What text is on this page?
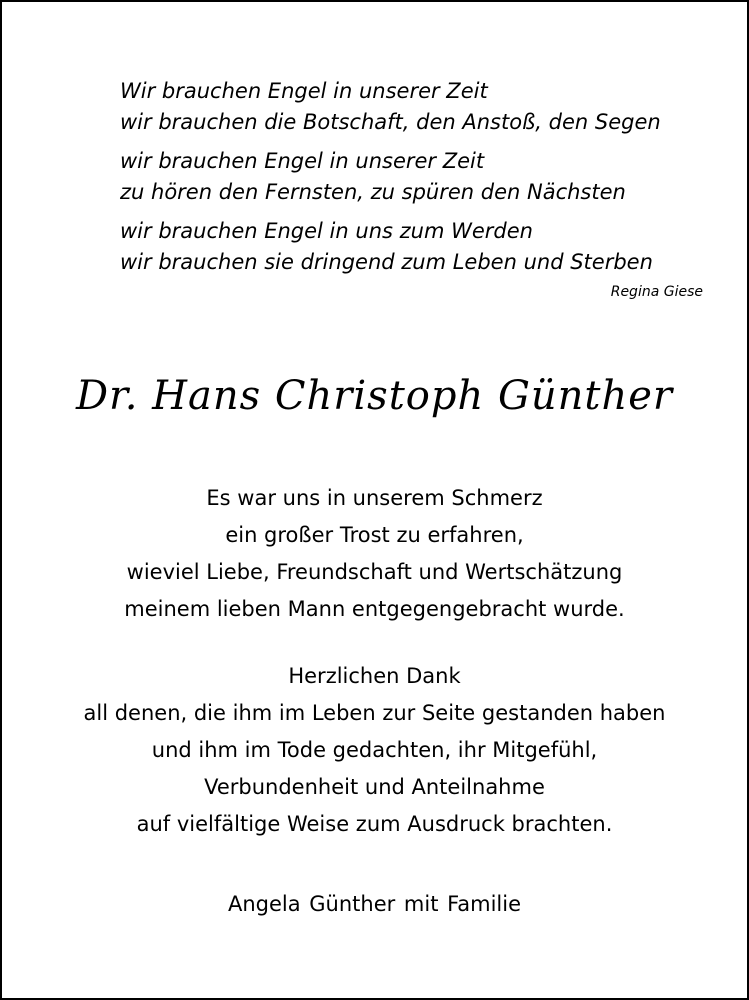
Wir brauchen Engel in unserer Zeit
wir brauchen die Botschaft, den Anstoß, den Segen
wir brauchen Engel in unserer Zeit
zu hören den Fernsten, zu spüren den Nächsten
wir brauchen Engel in uns zum Werden
wir brauchen sie dringend zum Leben und Sterben
Regina Giese
Dr. Hans Christoph Günther
Es war uns in unserem Schmerz
ein großer Trost zu erfahren,
wieviel Liebe, Freundschaft und Wertschätzung
meinem lieben Mann entgegengebracht wurde.
Herzlichen Dank
all denen, die ihm im Leben zur Seite gestanden haben
und ihm im Tode gedachten, ihr Mitgefühl,
Verbundenheit und Anteilnahme
auf vielfältige Weise zum Ausdruck brachten.
Angela Günther mit Familie
